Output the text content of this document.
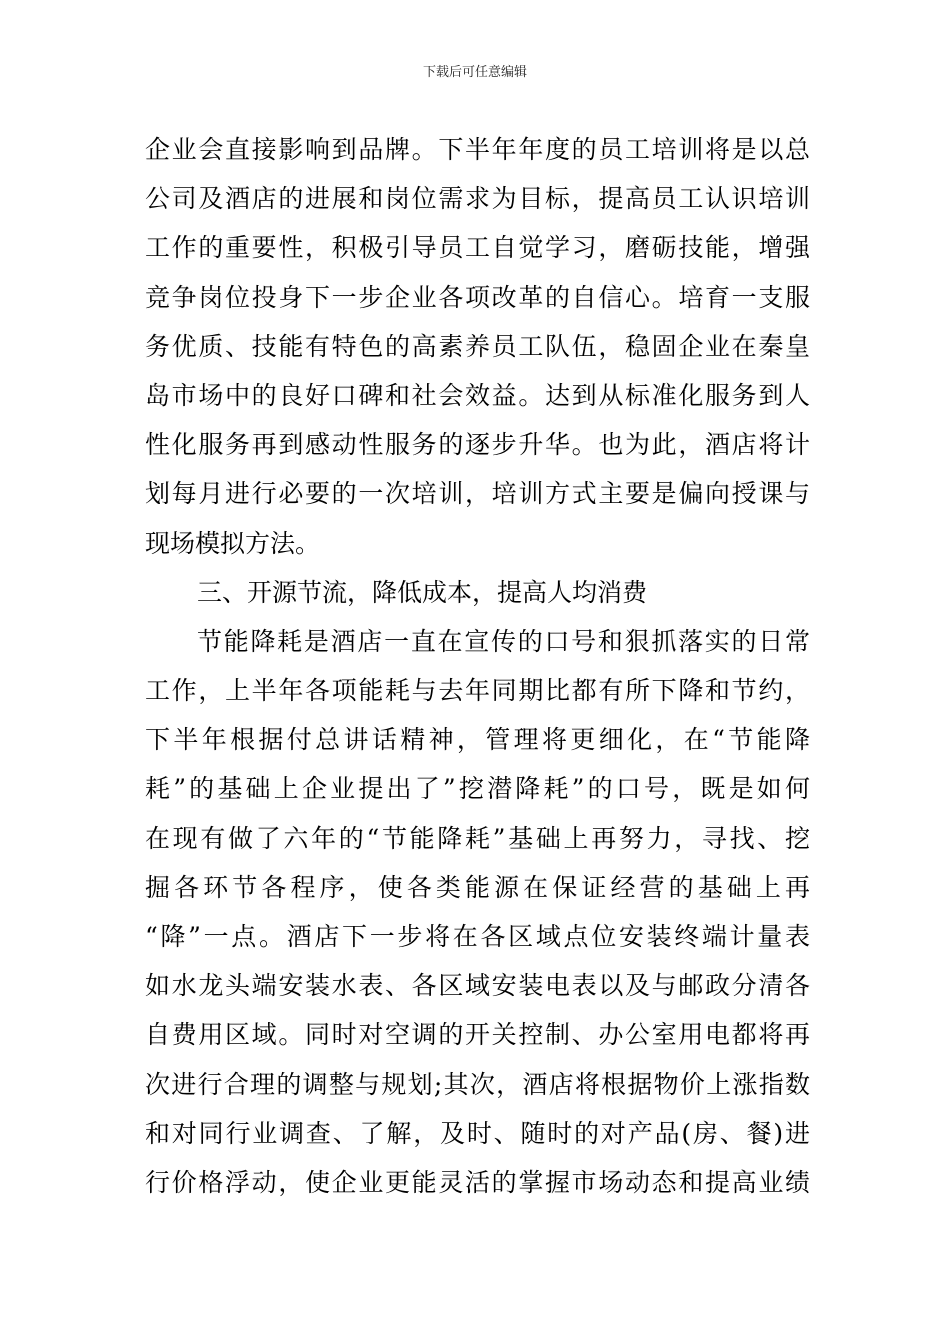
下载后可任意编辑
企业会直接影响到品牌。下半年年度的员工培训将是以总
公司及酒店的进展和岗位需求为目标，提高员工认识培训
工作的重要性，积极引导员工自觉学习，磨砺技能，增强
竞争岗位投身下一步企业各项改革的自信心。培育一支服
务优质、技能有特色的高素养员工队伍，稳固企业在秦皇
岛市场中的良好口碑和社会效益。达到从标准化服务到人
性化服务再到感动性服务的逐步升华。也为此，酒店将计
划每月进行必要的一次培训，培训方式主要是偏向授课与
现场模拟方法。
三、开源节流，降低成本，提高人均消费
节能降耗是酒店一直在宣传的口号和狠抓落实的日常
工作，上半年各项能耗与去年同期比都有所下降和节约，
下半年根据付总讲话精神，管理将更细化，在“节能降
耗”的基础上企业提出了”挖潜降耗”的口号，既是如何
在现有做了六年的“节能降耗”基础上再努力，寻找、挖
掘各环节各程序，使各类能源在保证经营的基础上再
“降”一点。酒店下一步将在各区域点位安装终端计量表
如水龙头端安装水表、各区域安装电表以及与邮政分清各
自费用区域。同时对空调的开关控制、办公室用电都将再
次进行合理的调整与规划;其次，酒店将根据物价上涨指数
和对同行业调查、了解，及时、随时的对产品(房、餐)进
行价格浮动，使企业更能灵活的掌握市场动态和提高业绩
